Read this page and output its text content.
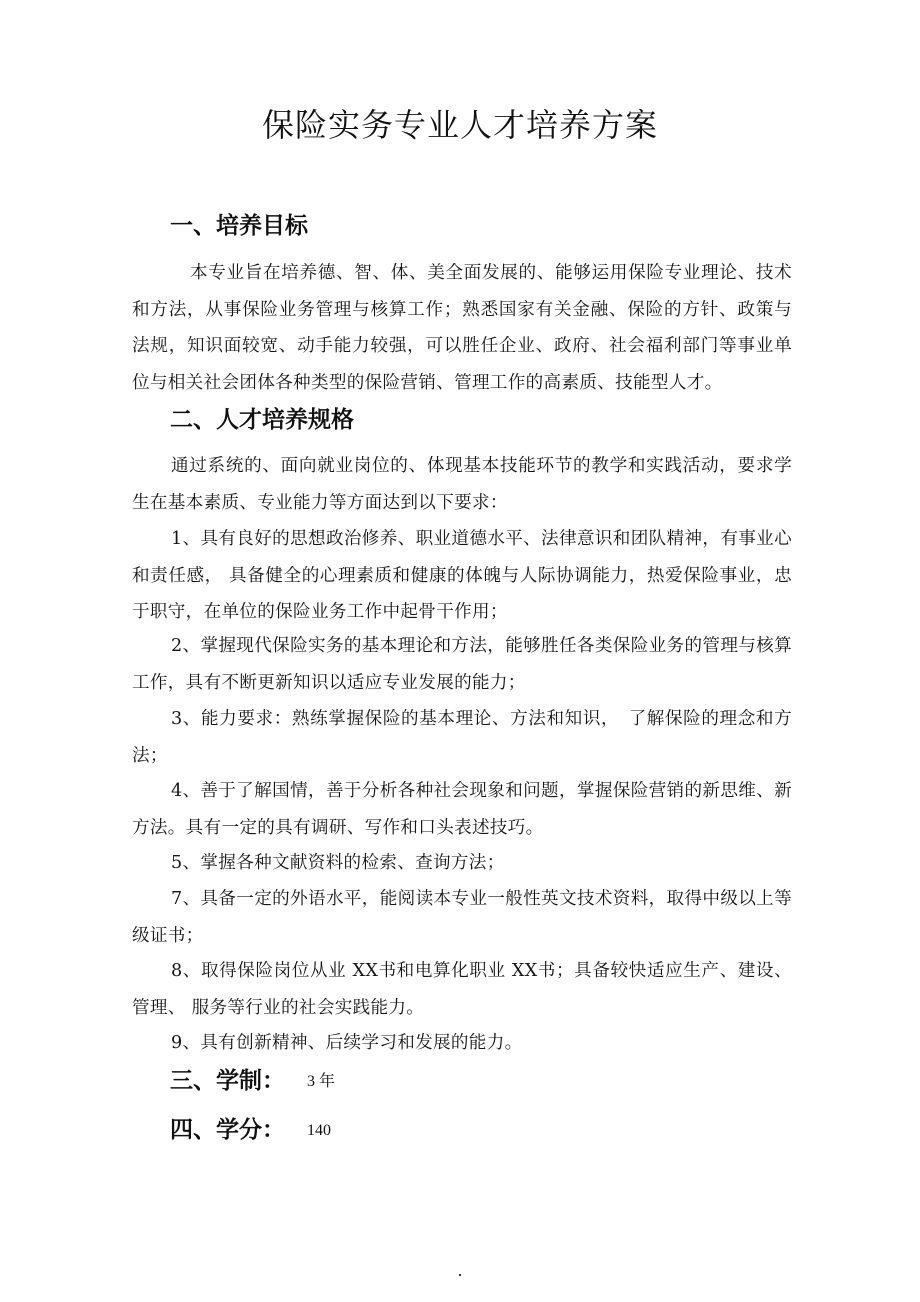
保险实务专业人才培养方案
一、培养目标

本专业旨在培养德、智、体、美全面发展的、能够运用保险专业理论、技术和方法，从事保险业务管理与核算工作；熟悉国家有关金融、保险的方针、政策与法规，知识面较宽、动手能力较强，可以胜任企业、政府、社会福利部门等事业单位与相关社会团体各种类型的保险营销、管理工作的高素质、技能型人才。

二、人才培养规格

通过系统的、面向就业岗位的、体现基本技能环节的教学和实践活动，要求学生在基本素质、专业能力等方面达到以下要求：

1、具有良好的思想政治修养、职业道德水平、法律意识和团队精神，有事业心和责任感， 具备健全的心理素质和健康的体魄与人际协调能力，热爱保险事业，忠于职守，在单位的保险业务工作中起骨干作用；

2、掌握现代保险实务的基本理论和方法，能够胜任各类保险业务的管理与核算工作，具有不断更新知识以适应专业发展的能力；

3、能力要求：熟练掌握保险的基本理论、方法和知识，　了解保险的理念和方法；

4、善于了解国情，善于分析各种社会现象和问题，掌握保险营销的新思维、新方法。具有一定的具有调研、写作和口头表述技巧。

5、掌握各种文献资料的检索、查询方法；

7、具备一定的外语水平，能阅读本专业一般性英文技术资料，取得中级以上等级证书；

8、取得保险岗位从业 XX书和电算化职业 XX书；具备较快适应生产、建设、管理、 服务等行业的社会实践能力。

9、具有创新精神、后续学习和发展的能力。

三、学制： 3 年
四、学分： 140
